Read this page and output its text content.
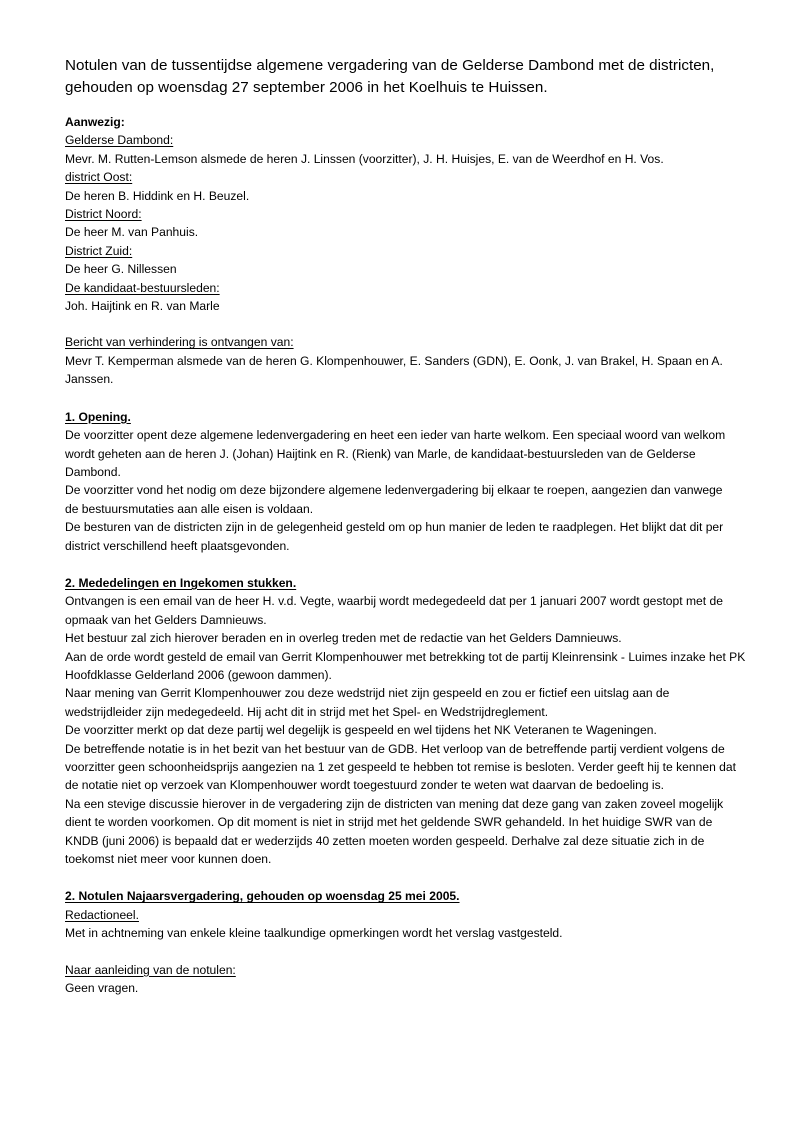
Notulen van de tussentijdse algemene vergadering van de Gelderse Dambond met de districten, gehouden op woensdag 27 september 2006 in het Koelhuis te Huissen.
Aanwezig:
Gelderse Dambond:
Mevr. M. Rutten-Lemson alsmede de heren J. Linssen (voorzitter), J. H. Huisjes, E. van de Weerdhof en H. Vos.
district Oost:
De heren B. Hiddink en H. Beuzel.
District Noord:
De heer M. van Panhuis.
District Zuid:
De heer G. Nillessen
De kandidaat-bestuursleden:
Joh. Haijtink en R. van Marle
Bericht van verhindering is ontvangen van:
Mevr T. Kemperman alsmede van de heren G. Klompenhouwer, E. Sanders (GDN), E. Oonk, J. van Brakel, H. Spaan en A. Janssen.
1. Opening.
De voorzitter opent deze algemene ledenvergadering en heet een ieder van harte welkom. Een speciaal woord van welkom wordt geheten aan de heren J. (Johan) Haijtink en R. (Rienk) van Marle, de kandidaat-bestuursleden van de Gelderse Dambond.
De voorzitter vond het nodig om deze bijzondere algemene ledenvergadering bij elkaar te roepen, aangezien dan vanwege de bestuursmutaties aan alle eisen is voldaan.
De besturen van de districten zijn in de gelegenheid gesteld om op hun manier de leden te raadplegen. Het blijkt dat dit per district verschillend heeft plaatsgevonden.
2. Mededelingen en Ingekomen stukken.
Ontvangen is een email van de heer H. v.d. Vegte, waarbij wordt medegedeeld dat per 1 januari 2007 wordt gestopt met de opmaak van het Gelders Damnieuws.
Het bestuur zal zich hierover beraden en in overleg treden met de redactie van het Gelders Damnieuws.
Aan de orde wordt gesteld de email van Gerrit Klompenhouwer met betrekking tot de partij Kleinrensink - Luimes inzake het PK Hoofdklasse Gelderland 2006 (gewoon dammen).
Naar mening van Gerrit Klompenhouwer zou deze wedstrijd niet zijn gespeeld en zou er fictief een uitslag aan de wedstrijdleider zijn medegedeeld. Hij acht dit in strijd met het Spel- en Wedstrijdreglement.
De voorzitter merkt op dat deze partij wel degelijk is gespeeld en wel tijdens het NK Veteranen te Wageningen.
De betreffende notatie is in het bezit van het bestuur van de GDB. Het verloop van de betreffende partij verdient volgens de voorzitter geen schoonheidsprijs aangezien na 1 zet gespeeld te hebben tot remise is besloten. Verder geeft hij te kennen dat de notatie niet op verzoek van Klompenhouwer wordt toegestuurd zonder te weten wat daarvan de bedoeling is.
Na een stevige discussie hierover in de vergadering zijn de districten van mening dat deze gang van zaken zoveel mogelijk dient te worden voorkomen. Op dit moment is niet in strijd met het geldende SWR gehandeld. In het huidige SWR van de KNDB (juni 2006) is bepaald dat er wederzijds 40 zetten moeten worden gespeeld. Derhalve zal deze situatie zich in de toekomst niet meer voor kunnen doen.
2. Notulen Najaarsvergadering, gehouden op woensdag 25 mei 2005.
Redactioneel.
Met in achtneming van enkele kleine taalkundige opmerkingen wordt het verslag vastgesteld.
Naar aanleiding van de notulen:
Geen vragen.
